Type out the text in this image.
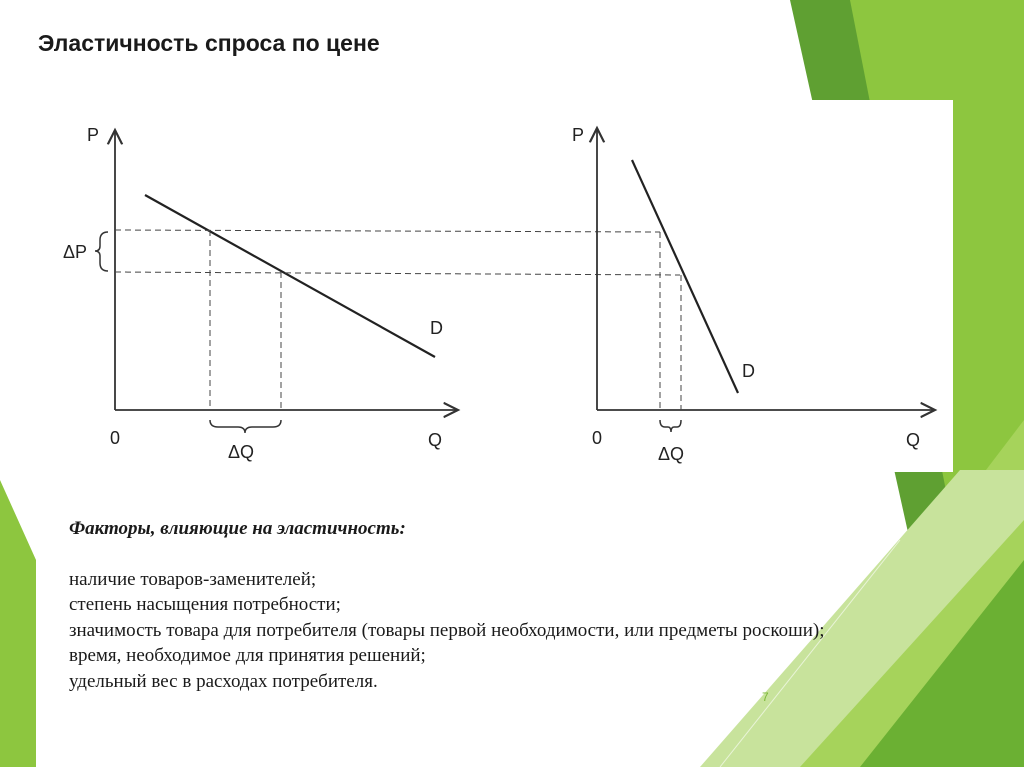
Эластичность спроса по цене
P
Q
0
ΔP
ΔQ
D
P
Q
0
ΔQ
D
Факторы, влияющие на эластичность:
наличие товаров-заменителей;
степень насыщения потребности;
значимость товара для потребителя (товары первой необходимости, или предметы роскоши);
время, необходимое для принятия решений;
удельный вес в расходах потребителя.
7
